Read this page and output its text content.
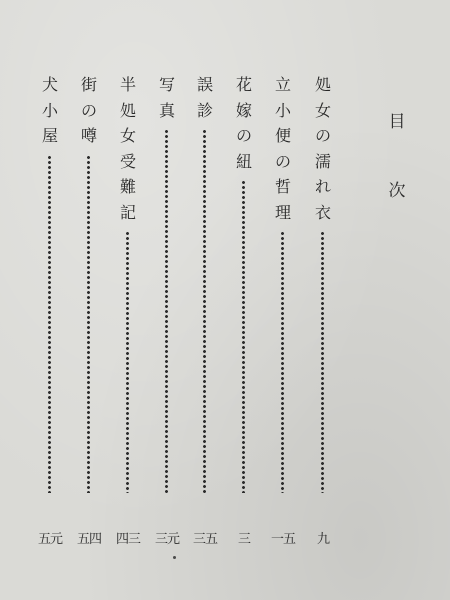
目
次
処
女
の
濡
れ
衣
九
立
小
便
の
哲
理
一五
花
嫁
の
紐
三
誤
診
三五
写
真
三元
半
処
女
受
難
記
四三
街
の
噂
五四
犬
小
屋
五元
